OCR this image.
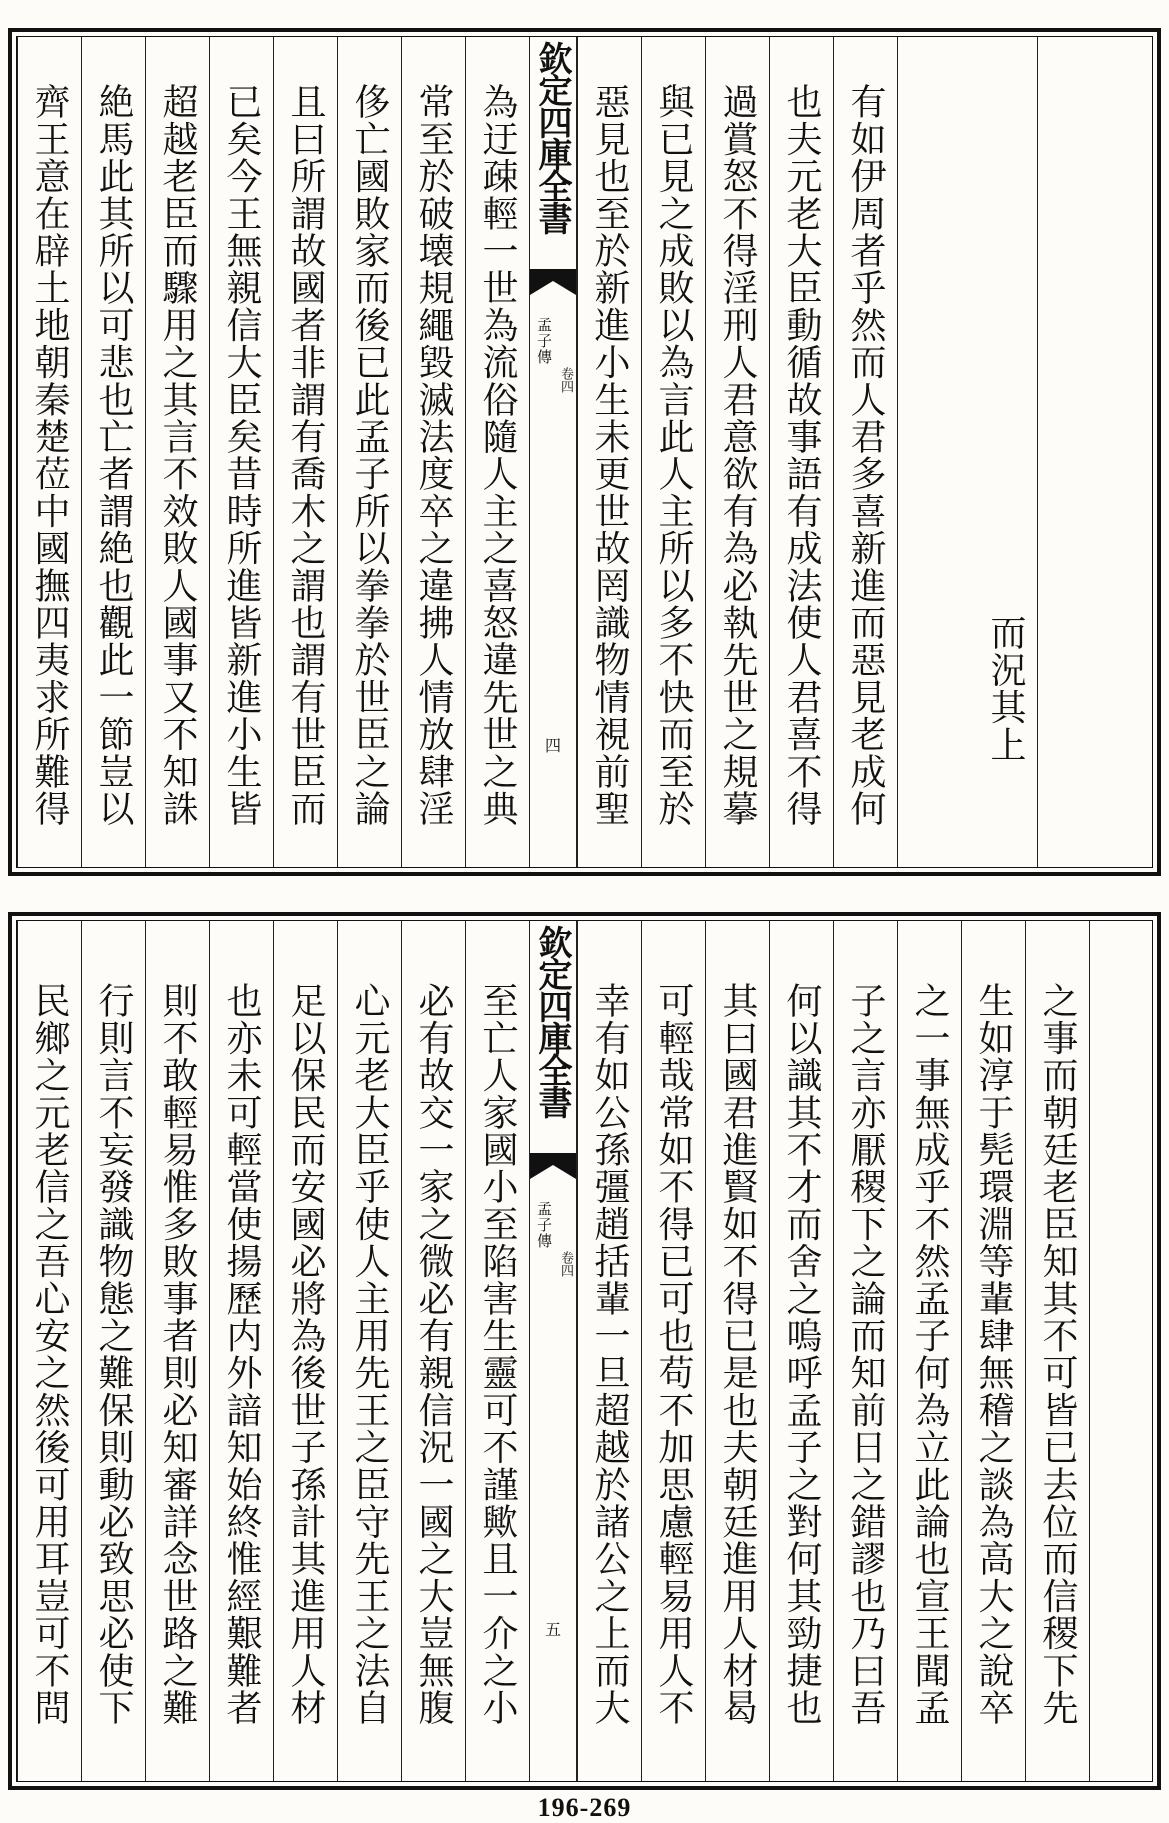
齊王意在辟土地朝秦楚莅中國撫四夷求所難得 絶馬此其所以可悲也亡者謂絶也觀此一節豈以 超越老臣而驟用之其言不效敗人國事又不知誅 已矣今王無親信大臣矣昔時所進皆新進小生皆 且曰所謂故國者非謂有喬木之謂也謂有世臣而 侈亡國敗家而後已此孟子所以拳拳於世臣之論 常至於破壊規繩毀滅法度卒之違拂人情放肆淫 為迂疎輕一世為流俗隨人主之喜怒違先世之典 欽定四庫全書
孟子傳
卷四
四 惡見也至於新進小生未更世故罔識物情視前聖 與已見之成敗以為言此人主所以多不快而至於 過賞怒不得淫刑人君意欲有為必執先世之規摹 也夫元老大臣動循故事語有成法使人君喜不得 有如伊周者乎然而人君多喜新進而惡見老成何	而況其上
民鄉之元老信之吾心安之然後可用耳豈可不問 行則言不妄發識物態之難保則動必致思必使下 則不敢輕易惟多敗事者則必知審詳念世路之難 也亦未可輕當使揚歷内外諳知始終惟經艱難者 足以保民而安國必將為後世子孫計其進用人材 心元老大臣乎使人主用先王之臣守先王之法自 必有故交一家之微必有親信況一國之大豈無腹 至亡人家國小至陷害生靈可不謹歟且一介之小 欽定四庫全書
孟子傳
卷四
五 幸有如公孫彊趙括輩一旦超越於諸公之上而大 可輕哉常如不得已可也苟不加思慮輕易用人不 其曰國君進賢如不得已是也夫朝廷進用人材曷 何以識其不才而舍之嗚呼孟子之對何其勁捷也 子之言亦厭稷下之論而知前日之錯謬也乃曰吾 之一事無成乎不然孟子何為立此論也宣王聞孟 生如淳于髡環淵等輩肆無稽之談為高大之說卒 之事而朝廷老臣知其不可皆已去位而信稷下先
196-269
